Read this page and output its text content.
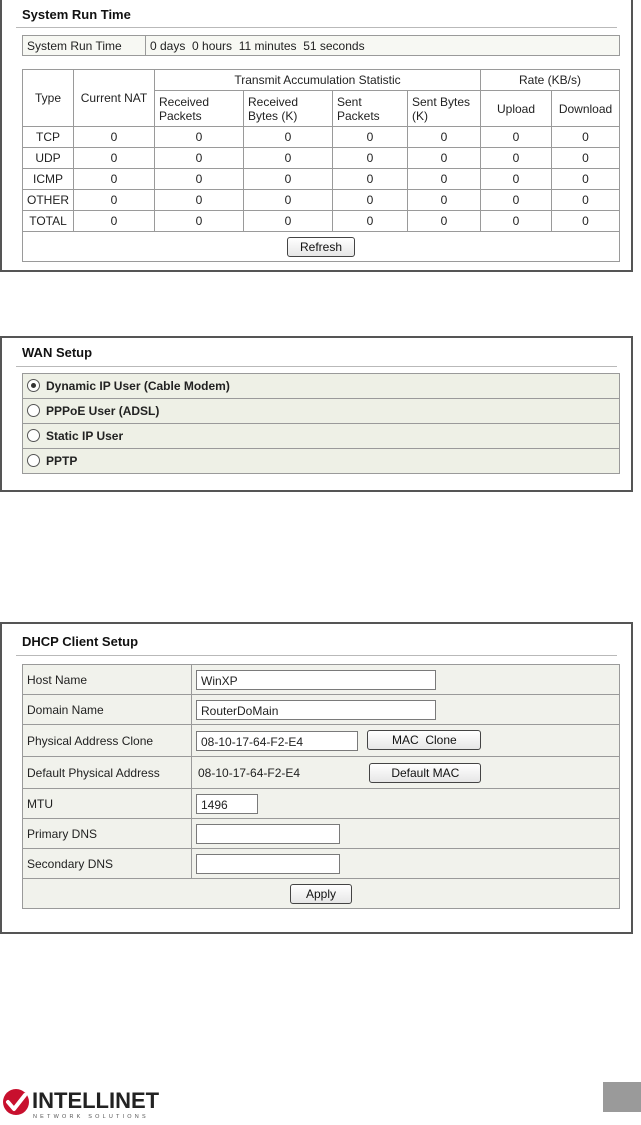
System Run Time
System Run Time	0 days  0 hours  11 minutes  51 seconds
Type	Current NAT	Transmit Accumulation Statistic				Rate (KB/s)	
		Received Packets	Received Bytes (K)	Sent Packets	Sent Bytes (K)	Upload	Download
TCP	0	0	0	0	0	0	0
UDP	0	0	0	0	0	0	0
ICMP	0	0	0	0	0	0	0
OTHER	0	0	0	0	0	0	0
TOTAL	0	0	0	0	0	0	0
Refresh							
WAN Setup
Dynamic IP User (Cable Modem)
PPPoE User (ADSL)
Static IP User
PPTP
DHCP Client Setup
Host Name	WinXP
Domain Name	RouterDoMain
Physical Address Clone	08-10-17-64-F2-E4 MAC  Clone
Default Physical Address	08-10-17-64-F2-E4 Default MAC
MTU	1496
Primary DNS	
Secondary DNS	
Apply	
INTELLINET
NETWORK SOLUTIONS
